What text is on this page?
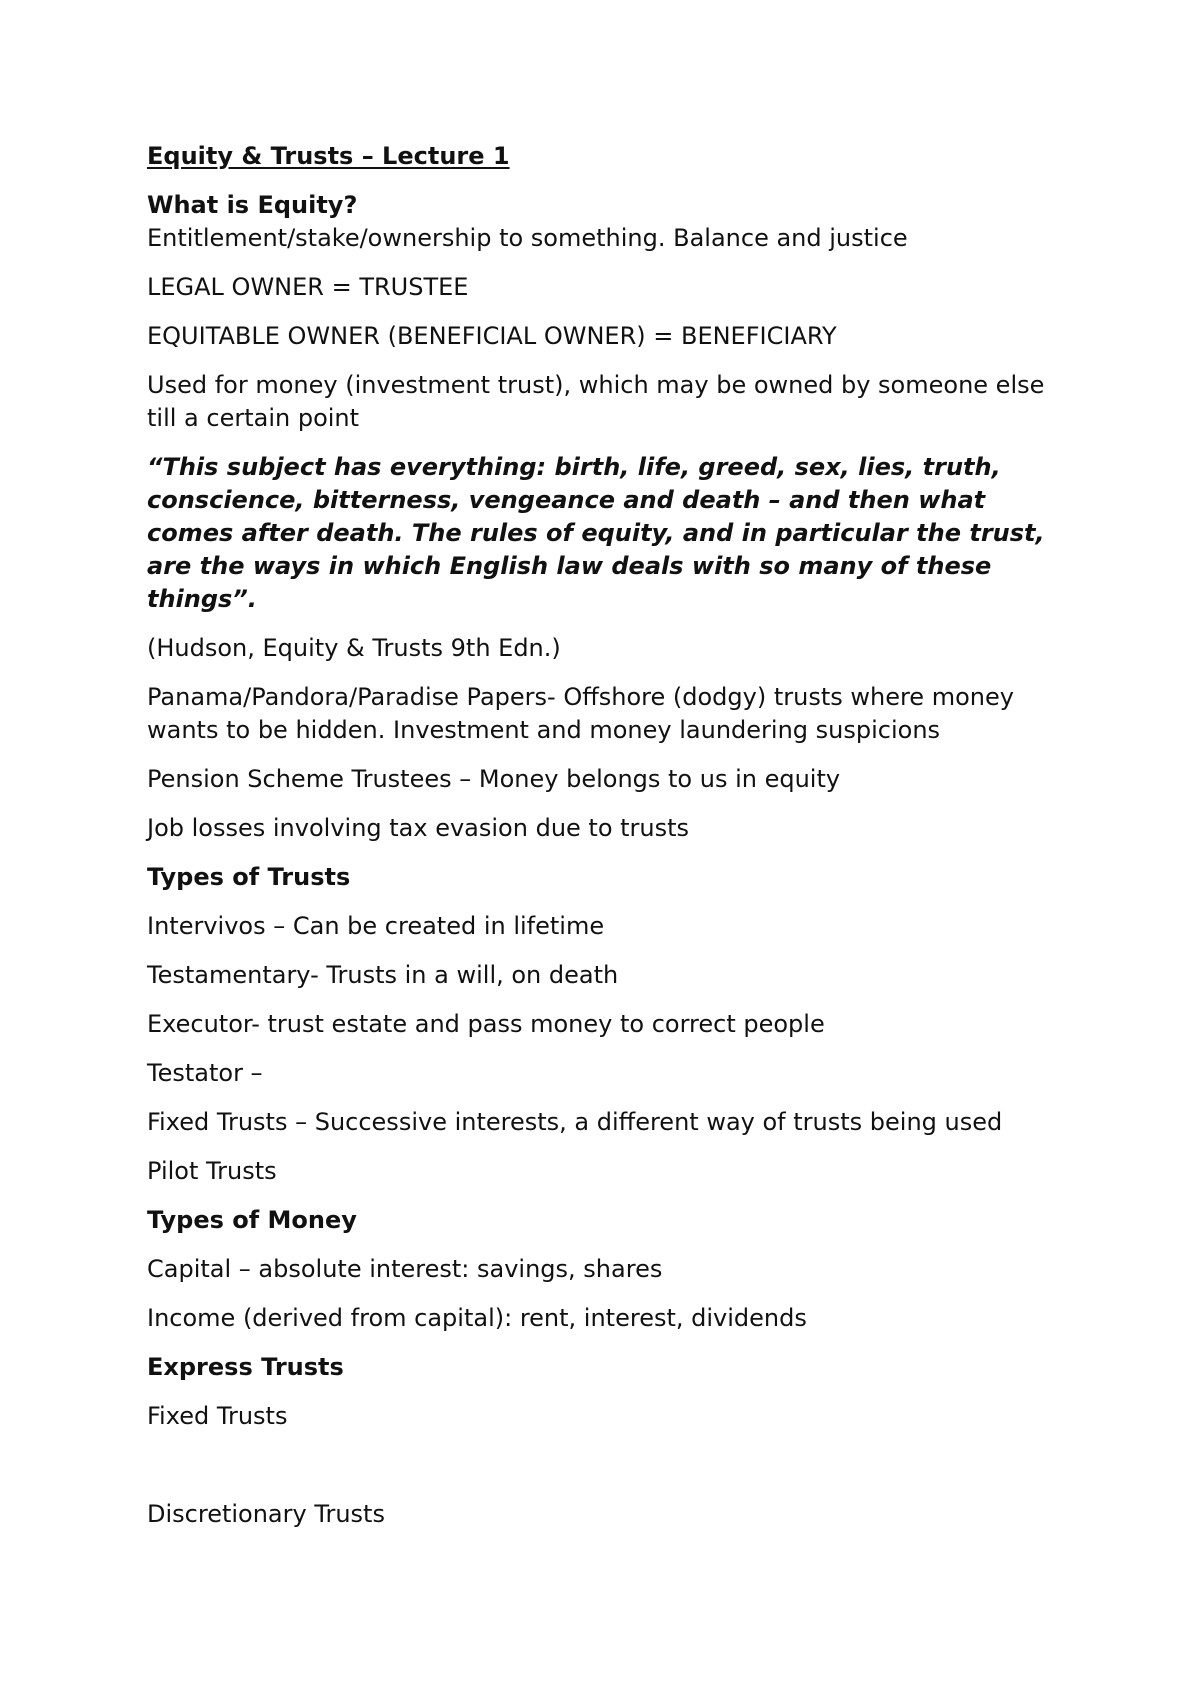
Equity & Trusts – Lecture 1

What is Equity?

Entitlement/stake/ownership to something. Balance and justice

LEGAL OWNER = TRUSTEE

EQUITABLE OWNER (BENEFICIAL OWNER) = BENEFICIARY

Used for money (investment trust), which may be owned by someone else till a certain point

“This subject has everything: birth, life, greed, sex, lies, truth, conscience, bitterness, vengeance and death – and then what comes after death. The rules of equity, and in particular the trust, are the ways in which English law deals with so many of these things”.

(Hudson, Equity & Trusts 9th Edn.)

Panama/Pandora/Paradise Papers- Offshore (dodgy) trusts where money wants to be hidden. Investment and money laundering suspicions

Pension Scheme Trustees – Money belongs to us in equity

Job losses involving tax evasion due to trusts

Types of Trusts

Intervivos – Can be created in lifetime

Testamentary- Trusts in a will, on death

Executor- trust estate and pass money to correct people

Testator –

Fixed Trusts – Successive interests, a different way of trusts being used

Pilot Trusts

Types of Money

Capital – absolute interest: savings, shares

Income (derived from capital): rent, interest, dividends

Express Trusts

Fixed Trusts

Discretionary Trusts
